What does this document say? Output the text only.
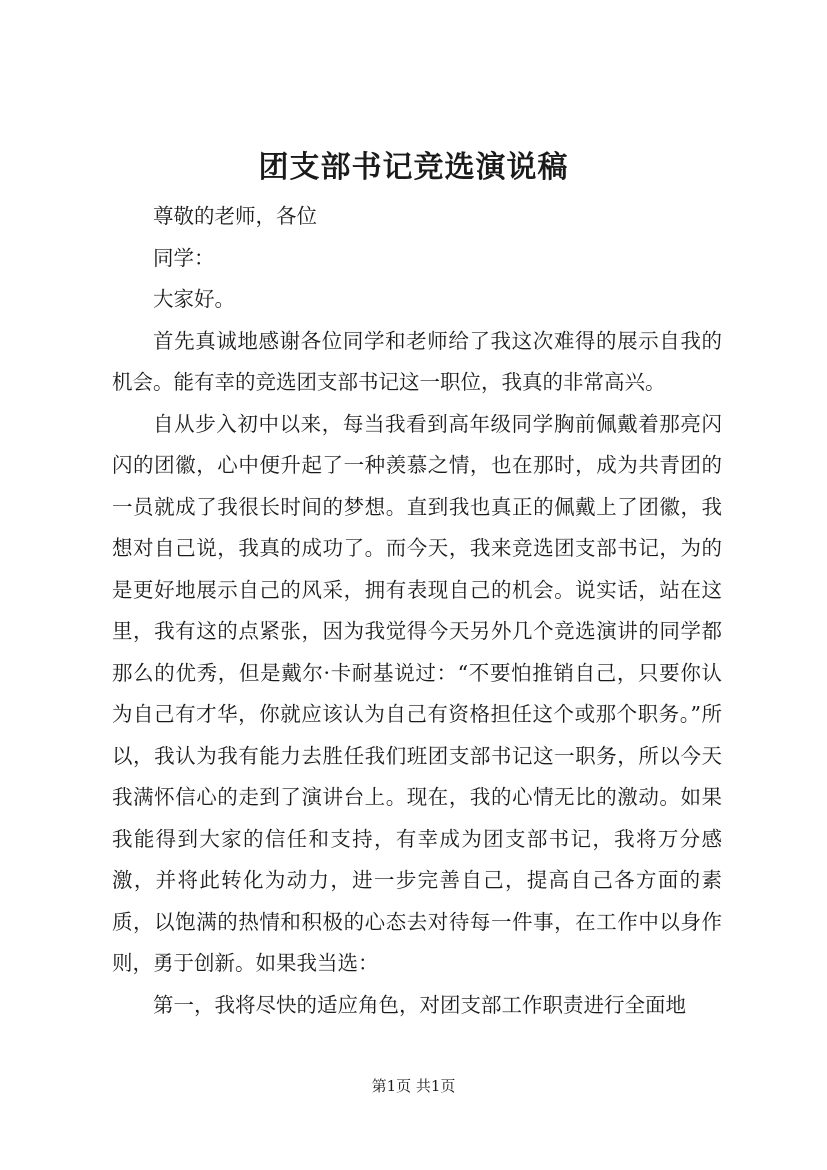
团支部书记竞选演说稿

尊敬的老师，各位

同学：

大家好。

首先真诚地感谢各位同学和老师给了我这次难得的展示自我的机会。能有幸的竞选团支部书记这一职位，我真的非常高兴。

自从步入初中以来，每当我看到高年级同学胸前佩戴着那亮闪闪的团徽，心中便升起了一种羡慕之情，也在那时，成为共青团的一员就成了我很长时间的梦想。直到我也真正的佩戴上了团徽，我想对自己说，我真的成功了。而今天，我来竞选团支部书记，为的是更好地展示自己的风采，拥有表现自己的机会。说实话，站在这里，我有这的点紧张，因为我觉得今天另外几个竞选演讲的同学都那么的优秀，但是戴尔·卡耐基说过：“不要怕推销自己，只要你认为自己有才华，你就应该认为自己有资格担任这个或那个职务。”所以，我认为我有能力去胜任我们班团支部书记这一职务，所以今天我满怀信心的走到了演讲台上。现在，我的心情无比的激动。如果我能得到大家的信任和支持，有幸成为团支部书记，我将万分感激，并将此转化为动力，进一步完善自己，提高自己各方面的素质，以饱满的热情和积极的心态去对待每一件事，在工作中以身作则，勇于创新。如果我当选：

第一，我将尽快的适应角色，对团支部工作职责进行全面地

第1页 共1页
